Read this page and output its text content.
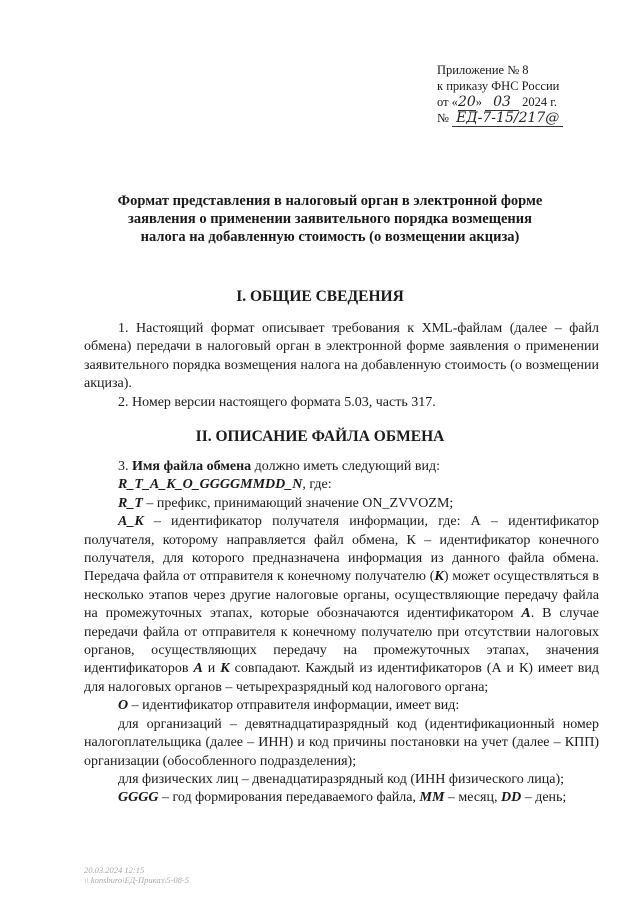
Приложение № 8
к приказу ФНС России
от «20» 03 2024 г.
№ ЕД-7-15/217@
Формат представления в налоговый орган в электронной форме
заявления о применении заявительного порядка возмещения
налога на добавленную стоимость (о возмещении акциза)
I. ОБЩИЕ СВЕДЕНИЯ

1. Настоящий формат описывает требования к XML-файлам (далее – файл обмена) передачи в налоговый орган в электронной форме заявления о применении заявительного порядка возмещения налога на добавленную стоимость (о возмещении акциза).

2. Номер версии настоящего формата 5.03, часть 317.

II. ОПИСАНИЕ ФАЙЛА ОБМЕНА

3. Имя файла обмена должно иметь следующий вид:

R_T_A_K_O_GGGGMMDD_N, где:

R_T – префикс, принимающий значение ON_ZVVOZM;

A_K – идентификатор получателя информации, где: А – идентификатор получателя, которому направляется файл обмена, К – идентификатор конечного получателя, для которого предназначена информация из данного файла обмена. Передача файла от отправителя к конечному получателю (К) может осуществляться в несколько этапов через другие налоговые органы, осуществляющие передачу файла на промежуточных этапах, которые обозначаются идентификатором А. В случае передачи файла от отправителя к конечному получателю при отсутствии налоговых органов, осуществляющих передачу на промежуточных этапах, значения идентификаторов А и К совпадают. Каждый из идентификаторов (А и К) имеет вид для налоговых органов – четырехразрядный код налогового органа;

O – идентификатор отправителя информации, имеет вид:

для организаций – девятнадцатиразрядный код (идентификационный номер налогоплательщика (далее – ИНН) и код причины постановки на учет (далее – КПП) организации (обособленного подразделения);

для физических лиц – двенадцатиразрядный код (ИНН физического лица);

GGGG – год формирования передаваемого файла, MM – месяц, DD – день;

20.03.2024 12:15
\\ konsburo\ЕД-Приказ\5-08-5
